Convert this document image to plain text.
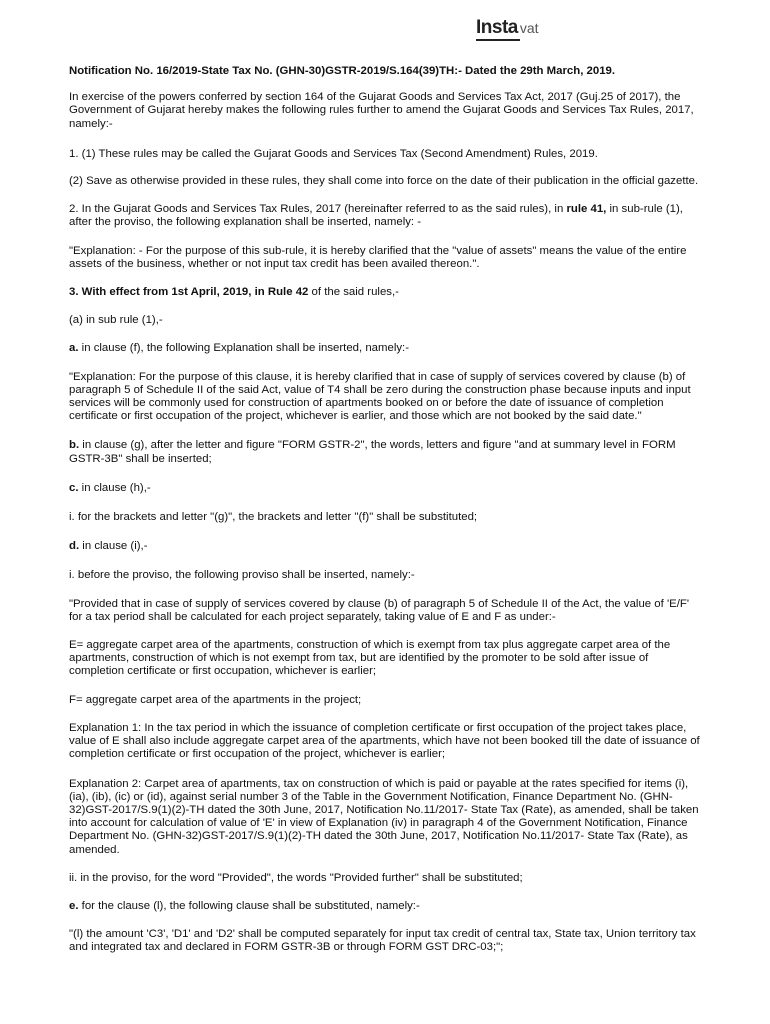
Insta vat

Notification No. 16/2019-State Tax No. (GHN-30)GSTR-2019/S.164(39)TH:- Dated the 29th March, 2019.

In exercise of the powers conferred by section 164 of the Gujarat Goods and Services Tax Act, 2017 (Guj.25 of 2017), the Government of Gujarat hereby makes the following rules further to amend the Gujarat Goods and Services Tax Rules, 2017, namely:-

1. (1) These rules may be called the Gujarat Goods and Services Tax (Second Amendment) Rules, 2019.

(2) Save as otherwise provided in these rules, they shall come into force on the date of their publication in the official gazette.

2. In the Gujarat Goods and Services Tax Rules, 2017 (hereinafter referred to as the said rules), in rule 41, in sub-rule (1), after the proviso, the following explanation shall be inserted, namely: -

"Explanation: - For the purpose of this sub-rule, it is hereby clarified that the "value of assets" means the value of the entire assets of the business, whether or not input tax credit has been availed thereon.".

3. With effect from 1st April, 2019, in Rule 42 of the said rules,-

(a) in sub rule (1),-

a. in clause (f), the following Explanation shall be inserted, namely:-

"Explanation: For the purpose of this clause, it is hereby clarified that in case of supply of services covered by clause (b) of paragraph 5 of Schedule II of the said Act, value of T4 shall be zero during the construction phase because inputs and input services will be commonly used for construction of apartments booked on or before the date of issuance of completion certificate or first occupation of the project, whichever is earlier, and those which are not booked by the said date."

b. in clause (g), after the letter and figure "FORM GSTR-2", the words, letters and figure "and at summary level in FORM GSTR-3B" shall be inserted;

c. in clause (h),-

i. for the brackets and letter "(g)", the brackets and letter "(f)" shall be substituted;

d. in clause (i),-

i. before the proviso, the following proviso shall be inserted, namely:-

"Provided that in case of supply of services covered by clause (b) of paragraph 5 of Schedule II of the Act, the value of 'E/F' for a tax period shall be calculated for each project separately, taking value of E and F as under:-

E= aggregate carpet area of the apartments, construction of which is exempt from tax plus aggregate carpet area of the apartments, construction of which is not exempt from tax, but are identified by the promoter to be sold after issue of completion certificate or first occupation, whichever is earlier;

F= aggregate carpet area of the apartments in the project;

Explanation 1: In the tax period in which the issuance of completion certificate or first occupation of the project takes place, value of E shall also include aggregate carpet area of the apartments, which have not been booked till the date of issuance of completion certificate or first occupation of the project, whichever is earlier;

Explanation 2: Carpet area of apartments, tax on construction of which is paid or payable at the rates specified for items (i), (ia), (ib), (ic) or (id), against serial number 3 of the Table in the Government Notification, Finance Department No. (GHN-32)GST-2017/S.9(1)(2)-TH dated the 30th June, 2017, Notification No.11/2017- State Tax (Rate), as amended, shall be taken into account for calculation of value of 'E' in view of Explanation (iv) in paragraph 4 of the Government Notification, Finance Department No. (GHN-32)GST-2017/S.9(1)(2)-TH dated the 30th June, 2017, Notification No.11/2017- State Tax (Rate), as amended.

ii. in the proviso, for the word "Provided", the words "Provided further" shall be substituted;

e. for the clause (l), the following clause shall be substituted, namely:-

"(l) the amount 'C3', 'D1' and 'D2' shall be computed separately for input tax credit of central tax, State tax, Union territory tax and integrated tax and declared in FORM GSTR-3B or through FORM GST DRC-03;";
